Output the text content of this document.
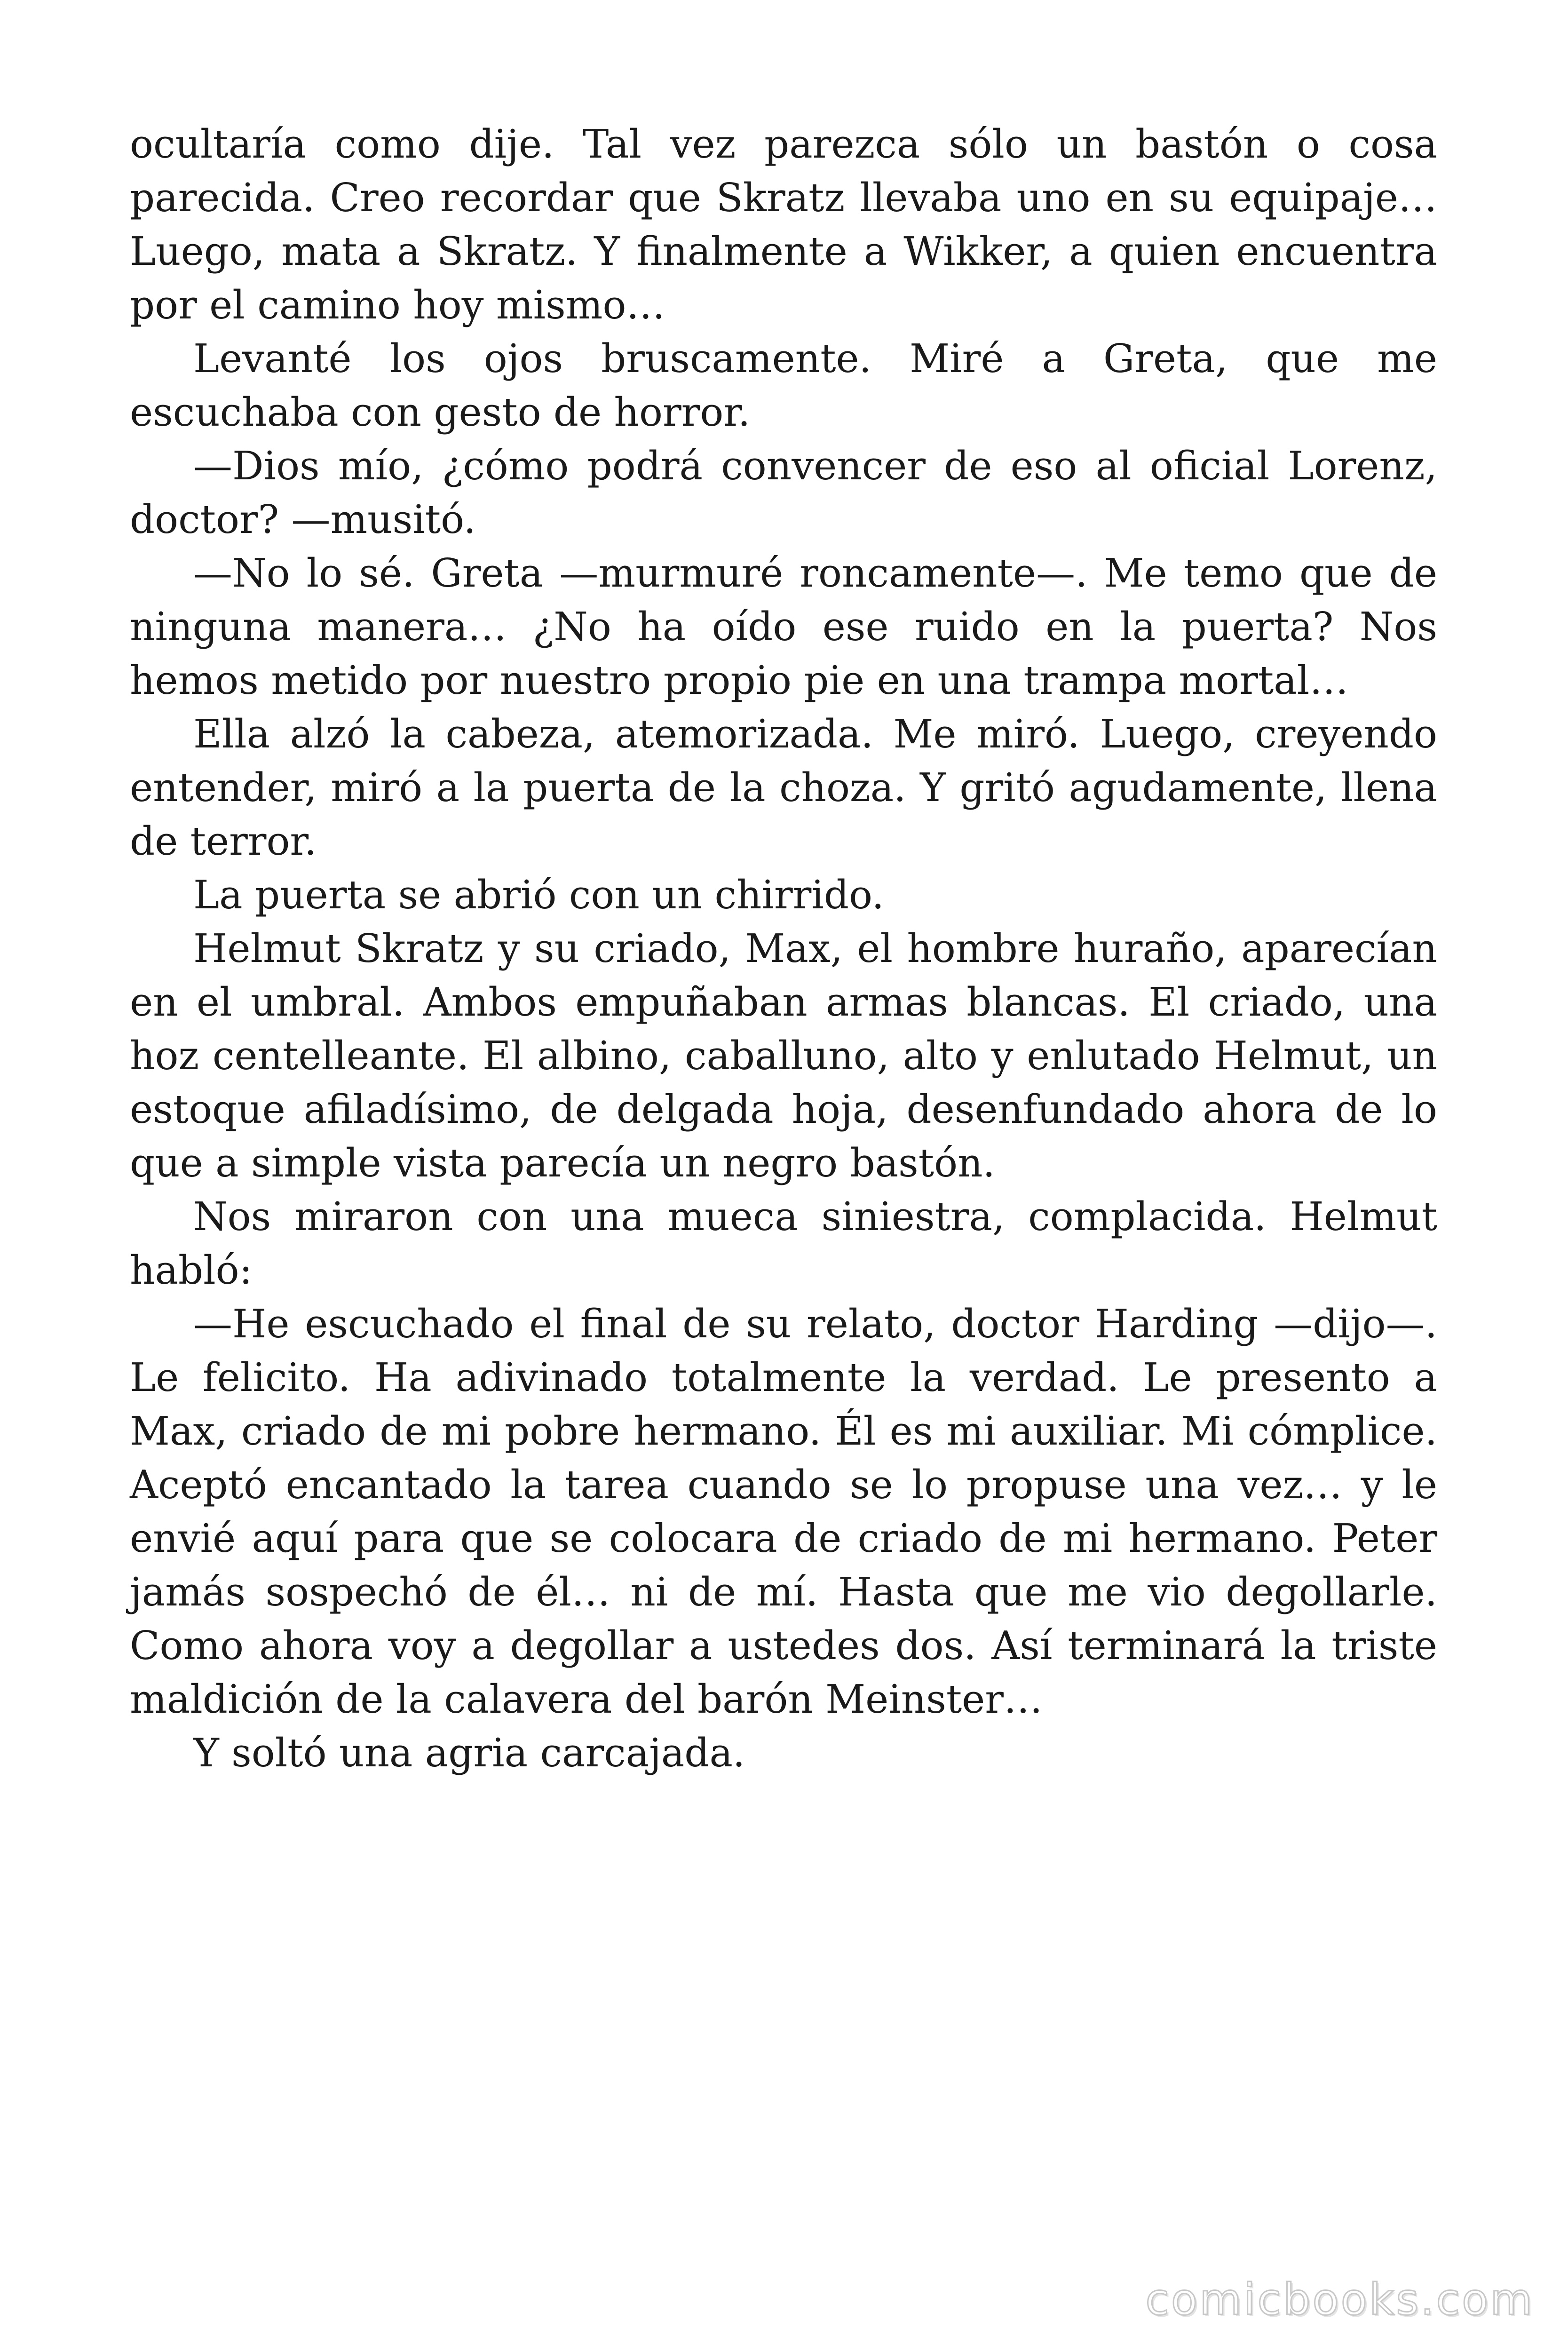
ocultaría como dije. Tal vez parezca sólo un bastón o cosa parecida. Creo recordar que Skratz llevaba uno en su equipaje… Luego, mata a Skratz. Y finalmente a Wikker, a quien encuentra por el camino hoy mismo…

Levanté los ojos bruscamente. Miré a Greta, que me escuchaba con gesto de horror.

—Dios mío, ¿cómo podrá convencer de eso al oficial Lorenz, doctor? —musitó.

—No lo sé. Greta —murmuré roncamente—. Me temo que de ninguna manera… ¿No ha oído ese ruido en la puerta? Nos hemos metido por nuestro propio pie en una trampa mortal…

Ella alzó la cabeza, atemorizada. Me miró. Luego, creyendo entender, miró a la puerta de la choza. Y gritó agudamente, llena de terror.

La puerta se abrió con un chirrido.

Helmut Skratz y su criado, Max, el hombre huraño, aparecían en el umbral. Ambos empuñaban armas blancas. El criado, una hoz centelleante. El albino, caballuno, alto y enlutado Helmut, un estoque afiladísimo, de delgada hoja, desenfundado ahora de lo que a simple vista parecía un negro bastón.

Nos miraron con una mueca siniestra, complacida. Helmut habló:

—He escuchado el final de su relato, doctor Harding —dijo—. Le felicito. Ha adivinado totalmente la verdad. Le presento a Max, criado de mi pobre hermano. Él es mi auxiliar. Mi cómplice. Aceptó encantado la tarea cuando se lo propuse una vez… y le envié aquí para que se colocara de criado de mi hermano. Peter jamás sospechó de él… ni de mí. Hasta que me vio degollarle. Como ahora voy a degollar a ustedes dos. Así terminará la triste maldición de la calavera del barón Meinster…

Y soltó una agria carcajada.

comicbooks.com
